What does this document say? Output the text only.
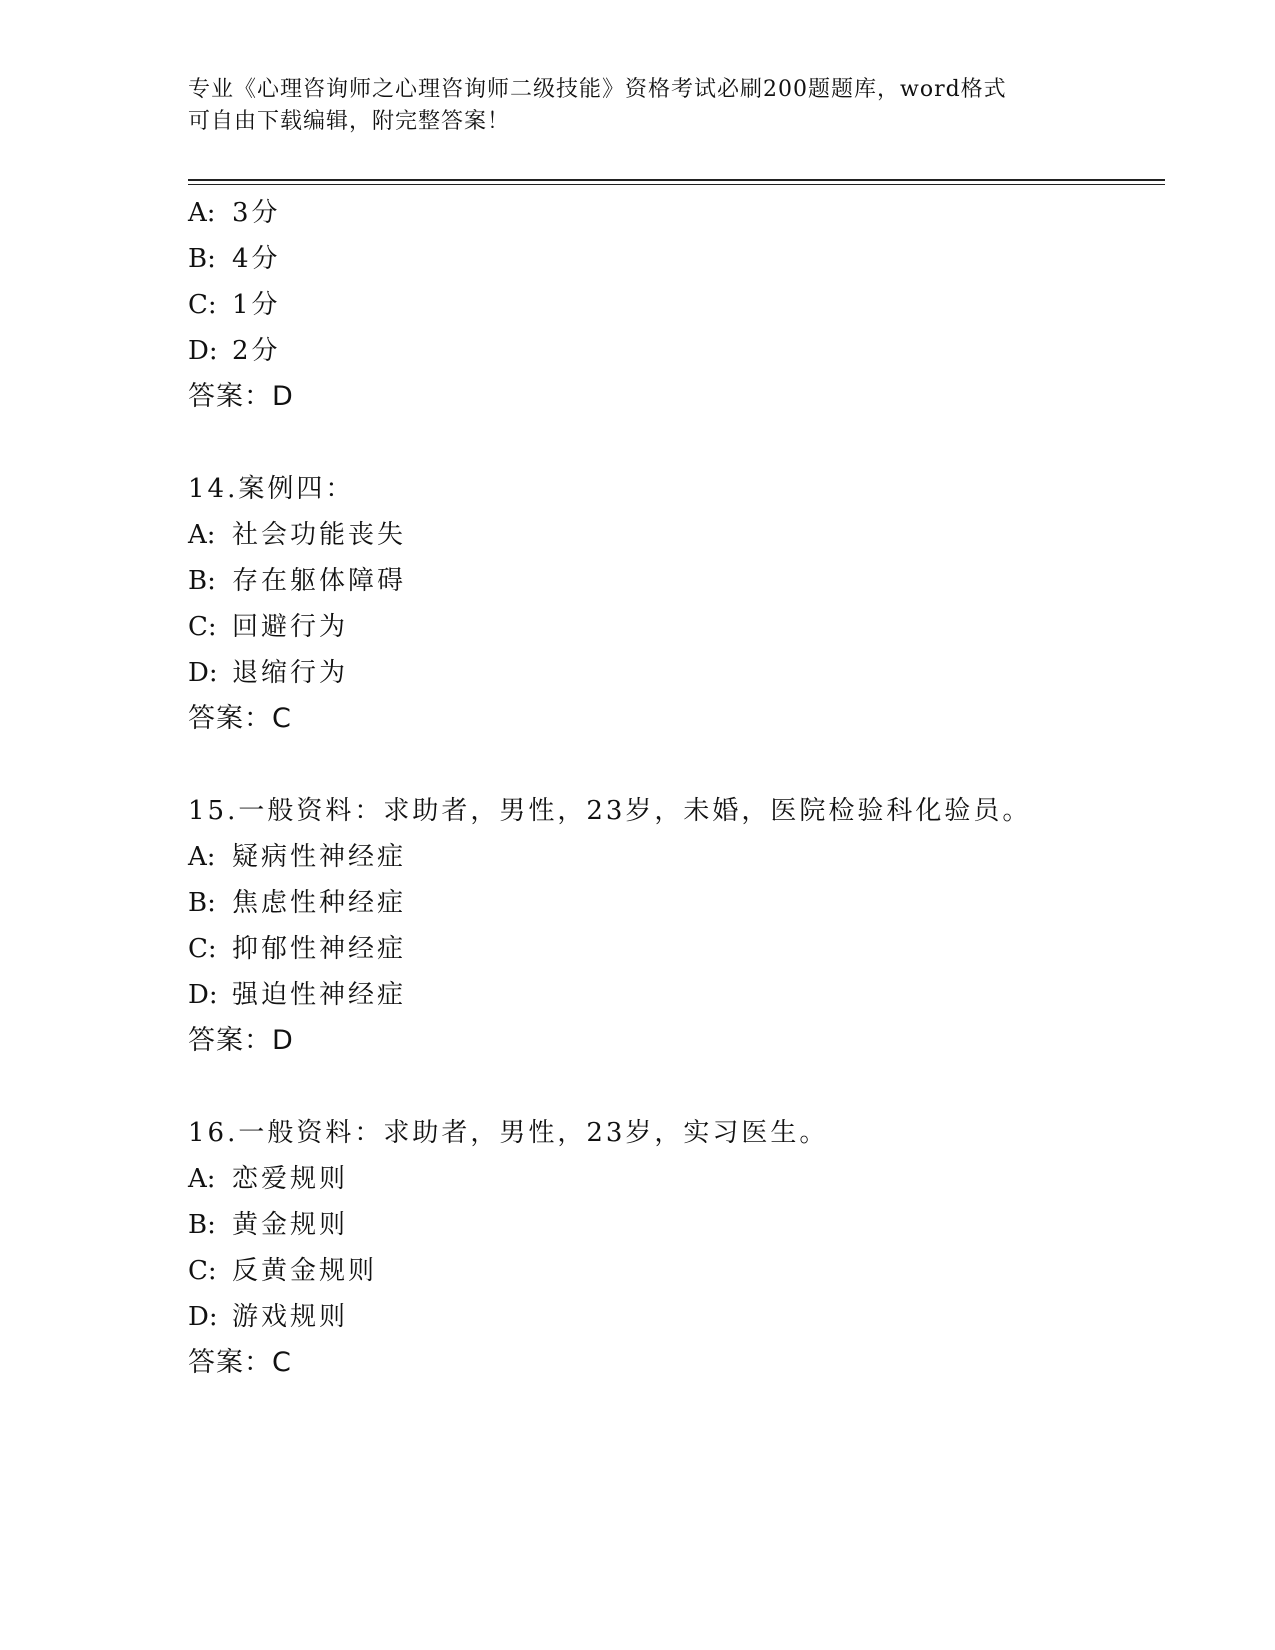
专业《心理咨询师之心理咨询师二级技能》资格考试必刷200题题库，word格式
可自由下载编辑，附完整答案！
A: 3分
B: 4分
C: 1分
D: 2分
答案：D
14.案例四：
A: 社会功能丧失
B: 存在躯体障碍
C: 回避行为
D: 退缩行为
答案：C
15.一般资料：求助者，男性，23岁，未婚，医院检验科化验员。
A: 疑病性神经症
B: 焦虑性种经症
C: 抑郁性神经症
D: 强迫性神经症
答案：D
16.一般资料：求助者，男性，23岁，实习医生。
A: 恋爱规则
B: 黄金规则
C: 反黄金规则
D: 游戏规则
答案：C
